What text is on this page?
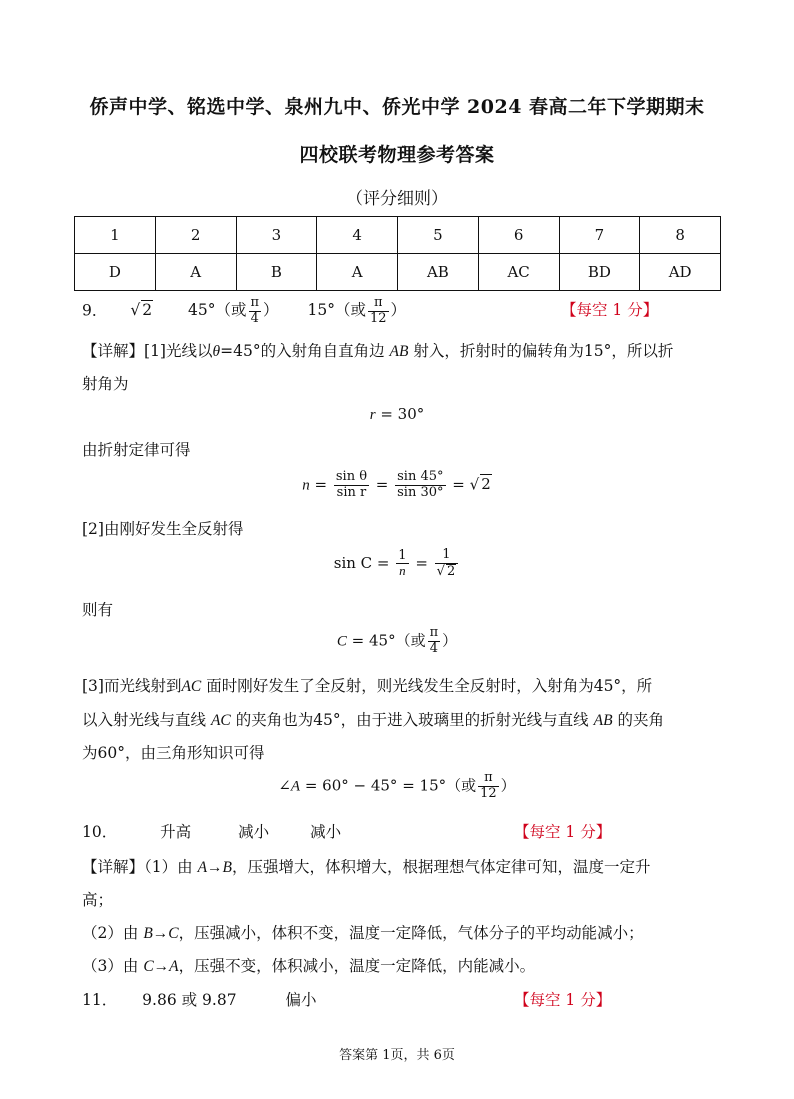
侨声中学、铭选中学、泉州九中、侨光中学 2024 春高二年下学期期末
四校联考物理参考答案
（评分细则）
1	2	3	4	5	6	7	8
D	A	B	A	AB	AC	BD	AD
9． √ 2 45°（或 $\frac{\pi}{4}$ ） 15°（或 $\frac{\pi}{12}$ ）	【每空 1 分】
【详解】[1]光线以θ=45°的入射角自直角边 AB 射入，折射时的偏转角为15°，所以折
射角为
r = 30°
由折射定律可得
$n = \frac{\text{sin θ}}{\text{sin r}} = \frac{\sin 45^\circ}{\sin 30^\circ}$ = √ 2
[2]由刚好发生全反射得
$\sin C = \frac{1}{n} = \frac{1}{√ 2}$
则有
C = 45°（或 $\frac{\pi}{4}$ ）
[3]而光线射到AC 面时刚好发生了全反射，则光线发生全反射时，入射角为45°，所
以入射光线与直线 AC 的夹角也为45°，由于进入玻璃里的折射光线与直线 AB 的夹角
为60°，由三角形知识可得
∠A = 60° − 45° = 15°（或 $\frac{\pi}{12}$ ）
10．	升高	减小	减小	【每空 1 分】
【详解】（1）由 A→B，压强增大，体积增大，根据理想气体定律可知，温度一定升
高；
（2）由 B→C，压强减小，体积不变，温度一定降低，气体分子的平均动能减小；
（3）由 C→A，压强不变，体积减小，温度一定降低，内能减小。
11． 9.86 或 9.87	偏小	【每空 1 分】
答案第 1页，共 6页
